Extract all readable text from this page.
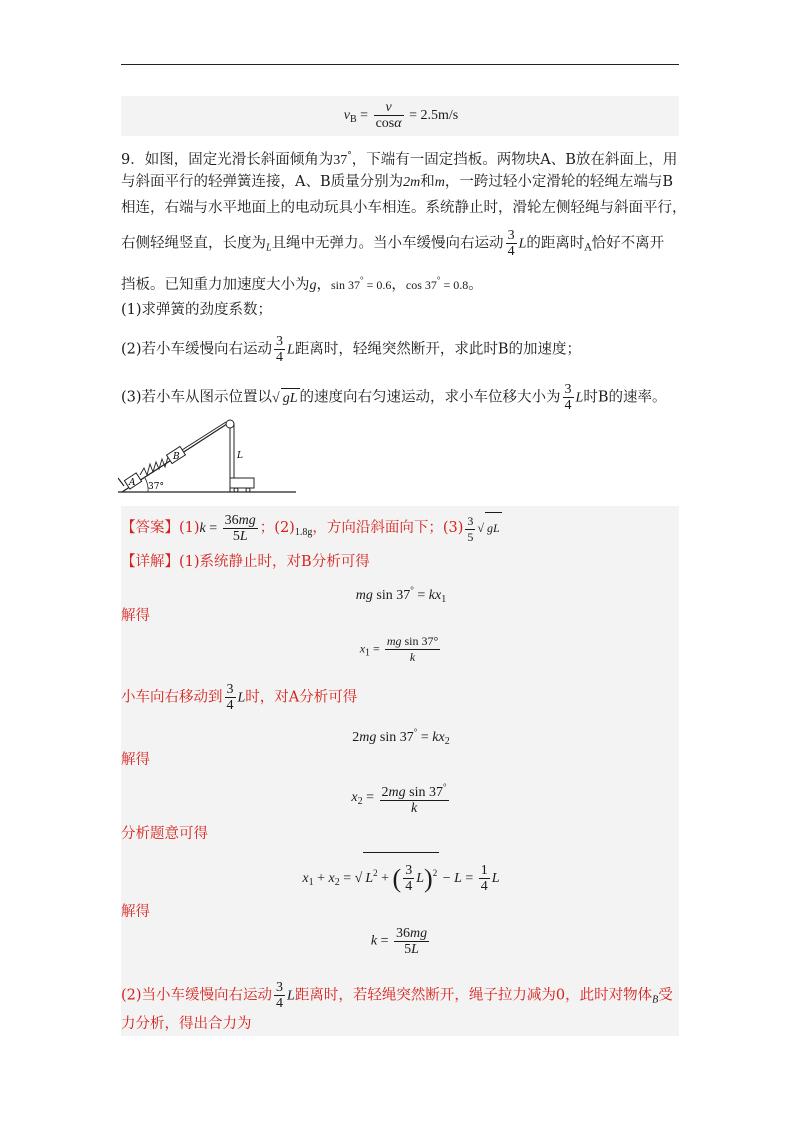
$v_B = \frac{v}{\cos\alpha} = 2.5m/s$
9．如图，固定光滑长斜面倾角为37°，下端有一固定挡板。两物块A、B放在斜面上，用
与斜面平行的轻弹簧连接，A、B质量分别为2m和m，一跨过轻小定滑轮的轻绳左端与B
相连，右端与水平地面上的电动玩具小车相连。系统静止时，滑轮左侧轻绳与斜面平行，
右侧轻绳竖直，长度为$_L$且绳中无弹力。当小车缓慢向右运动 $\frac{3}{4}$ L的距离时$_A$恰好不离开
挡板。已知重力加速度大小为g，sin 37° = 0.6，cos 37° = 0.8。
(1)求弹簧的劲度系数；
(2)若小车缓慢向右运动 $\frac{3}{4}$ L距离时，轻绳突然断开，求此时B的加速度；
(3)若小车从图示位置以√ gL 的速度向右匀速运动，求小车位移大小为 $\frac{3}{4}$ L时B的速率。
A
B	L
37°
【答案】$(1)k = \frac{36mg}{5L}$ ；$(2)_{1.8g}$，方向沿斜面向下；$(3) \frac{3}{5}$ √ gL
【详解】(1)系统静止时，对B分析可得
mg $\sin 37^\circ = kx_1$
解得
$x_1 = \frac{\text{mg sin 37°}}{k}$
小车向右移动到 $\frac{3}{4}$ L时，对A分析可得
2mg $\sin 37^\circ = kx_2$
解得
$x_2 = \frac{2mg \sin 37^\circ}{k}$
分析题意可得
$x_1 + x_2$ = √ $L^2$ + ( $\frac{3}{4} L)^2 - L = \frac{1}{4}$ L
解得
$k = \frac{36mg}{5L}$
(2)当小车缓慢向右运动 $\frac{3}{4}$ L距离时，若轻绳突然断开，绳子拉力减为0，此时对物体$_B$受
力分析，得出合力为
